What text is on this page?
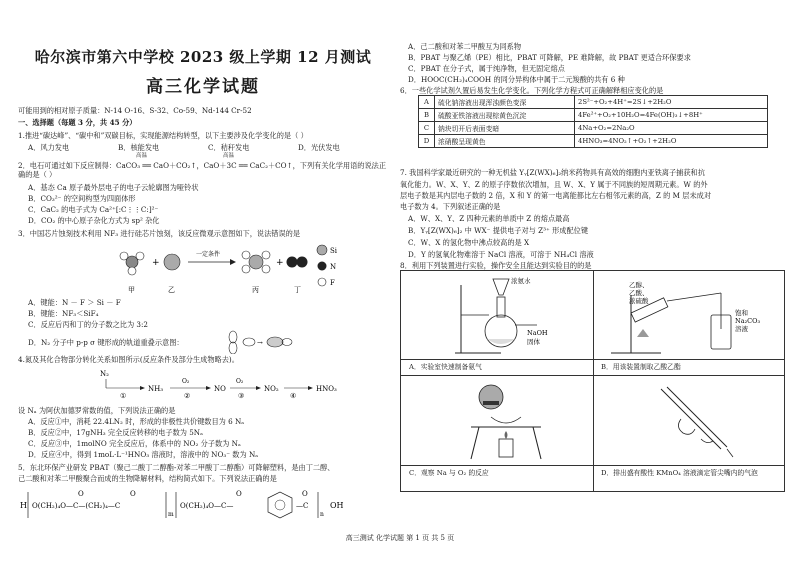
哈尔滨市第六中学校 2023 级上学期 12 月测试
高三化学试题
可能用到的相对原子质量：N-14 O-16、S-32、Co-59、Nd-144 Cr-52
一、选择题（每题 3 分，共 45 分）
1.推进“碳达峰”、“碳中和”双碳目标，实现能源结构转型，以下主要涉及化学变化的是（ ）
A．风力发电	B．核能发电	C．秸秆发电	D．光伏发电
高温	高温
2．电石可通过如下反应制得：CaCO₃ ══ CaO＋CO₂↑，CaO＋3C ══ CaC₂＋CO↑，下列有关化学用语的说法正确的是（ ）
A．基态 Ca 原子最外层电子的电子云轮廓图为哑铃状
B．CO₃²⁻ 的空间构型为四面体形
C．CaC₂ 的电子式为 Ca²⁺[:C⋮⋮C:]²⁻
D．CO₂ 的中心原子杂化方式为 sp² 杂化
3．中国芯片蚀刻技术利用 NF₃ 进行硅芯片蚀刻，该反应微观示意图如下，说法错误的是
+	+
Si
N
F
一定条件
甲	乙	丙	丁
A．键能：N － F ＞ Si － F
B．键能：NF₃＜SiF₄
C．反应后丙和丁的分子数之比为 3:2
D．N₂ 分子中 p-p σ 键形成的轨道重叠示意图：	→
4.氮及其化合物部分转化关系如图所示(反应条件及部分生成物略去)。
N₂
①
NH₃
O₂
②
NO
O₂
③
NO₂
④
HNO₃
设 Nₐ 为阿伏加德罗常数的值，下列说法正确的是
A．反应①中，消耗 22.4LN₂ 时，形成的非极性共价键数目为 6 Nₐ
B．反应②中，17gNH₃ 完全反应转移的电子数为 5Nₐ
C．反应③中，1molNO 完全反应后，体系中的 NO₂ 分子数为 Nₐ
D．反应④中，得到 1moL·L⁻¹HNO₃ 溶液时，溶液中的 NO₃⁻ 数为 Nₐ
5．东北环保产业研发 PBAT（聚己二酸丁二醇酯-对苯二甲酸丁二醇酯）可降解塑料，是由丁二醇、
己二酸和对苯二甲酸聚合而成的生物降解材料，结构简式如下。下列说法正确的是
H O(CH₂)₄O—C—(CH₂)₄—C
O	O
m
O(CH₂)₄O—C—
O
—C
O
n
OH
A．己二酸和对苯二甲酸互为同系物
B．PBAT 与聚乙烯（PE）相比，PBAT 可降解，PE 难降解，故 PBAT 更适合环保要求
C．PBAT 在分子式，属于纯净物，但无固定熔点
D．HOOC(CH₂)₄COOH 的同分异构体中属于二元羧酸的共有 6 种
6．一些化学试剂久置后易发生化学变化。下列化学方程式可正确解释相应变化的是
A	硫化钠溶液出现浑浊颜色变深	2S²⁻+O₂+4H⁺=2S↓+2H₂O
B	硫酸亚铁溶液出现棕黄色沉淀	4Fe²⁺+O₂+10H₂O=4Fe(OH)₃↓+8H⁺
C	钠块切开后表面变暗	4Na+O₂=2Na₂O
D	浓硝酸呈现黄色	4HNO₃=4NO₂↑+O₂↑+2H₂O
7. 我国科学家最近研究的一种无机盐 Yᵧ[Z(WX)₆]₂纳米药物具有高效的细胞内亚铁离子捕获和抗
氧化能力。W、X、Y、Z 的原子序数依次增加，且 W、X、Y 属于不同族的短周期元素。W 的外
层电子数是其内层电子数的 2 倍，X 和 Y 的第一电离能都比左右相邻元素的高，Z 的 M 层未成对
电子数为 4。下列叙述正确的是
A．W、X、Y、Z 四种元素的单质中 Z 的熔点最高
B．Yᵧ[Z(WX)₆]₂ 中 WX⁻ 提供电子对与 Z³⁺ 形成配位键
C．W、X 的氢化物中沸点较高的是 X
D．Y 的氢氧化物难溶于 NaCl 溶液，可溶于 NH₄Cl 溶液
8．利用下列装置进行实验，操作安全且能达到实验目的的是
浓氨水
NaOH
固体
A．实验室快速制备氨气
乙醇、
乙酸、
浓硫酸
饱和
Na₂CO₃
溶液
B．用该装置制取乙酸乙酯
C．观察 Na 与 O₂ 的反应	D．排出盛有酸性 KMnO₄ 溶液滴定管尖嘴内的气泡
高三测试 化学试题 第 1 页 共 5 页
